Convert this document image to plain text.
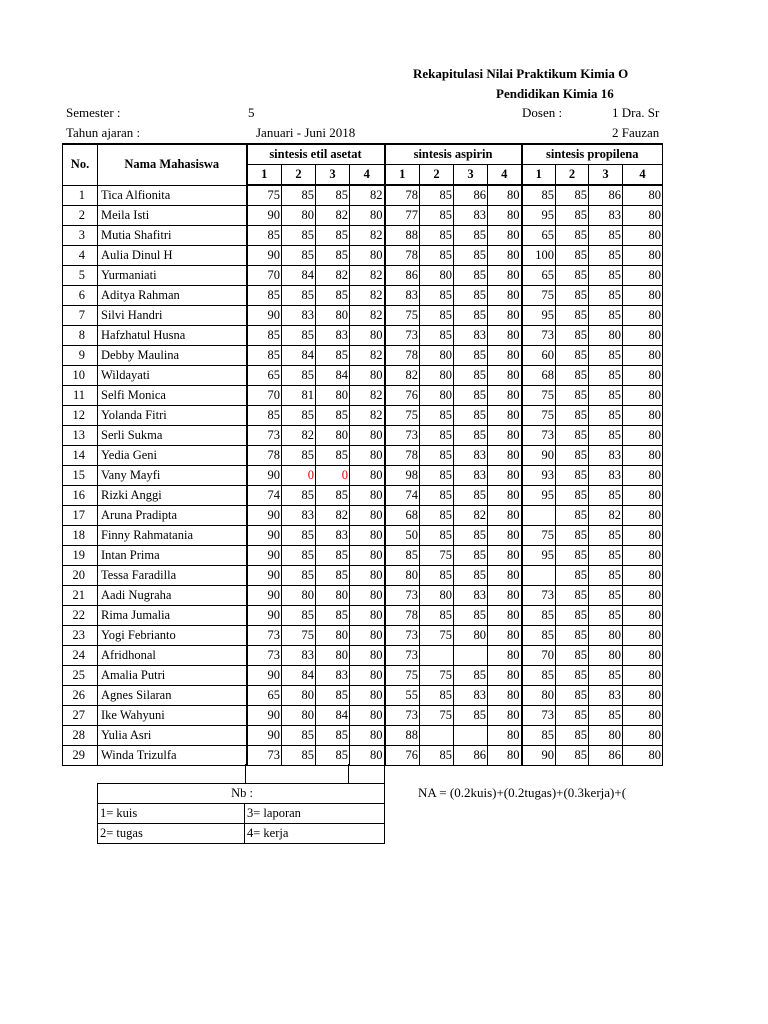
Rekapitulasi Nilai Praktikum Kimia O
Pendidikan Kimia 16
Semester :	5	Dosen :	1 Dra. Sr
Tahun ajaran :	Januari - Juni 2018	2 Fauzan
No.	Nama Mahasiswa	sintesis etil asetat				sintesis aspirin				sintesis propilena			
		1	2	3	4	1	2	3	4	1	2	3	4
1	Tica Alfionita	75	85	85	82	78	85	86	80	85	85	86	80
2	Meila Isti	90	80	82	80	77	85	83	80	95	85	83	80
3	Mutia Shafitri	85	85	85	82	88	85	85	80	65	85	85	80
4	Aulia Dinul H	90	85	85	80	78	85	85	80	100	85	85	80
5	Yurmaniati	70	84	82	82	86	80	85	80	65	85	85	80
6	Aditya Rahman	85	85	85	82	83	85	85	80	75	85	85	80
7	Silvi Handri	90	83	80	82	75	85	85	80	95	85	85	80
8	Hafzhatul Husna	85	85	83	80	73	85	83	80	73	85	80	80
9	Debby Maulina	85	84	85	82	78	80	85	80	60	85	85	80
10	Wildayati	65	85	84	80	82	80	85	80	68	85	85	80
11	Selfi Monica	70	81	80	82	76	80	85	80	75	85	85	80
12	Yolanda Fitri	85	85	85	82	75	85	85	80	75	85	85	80
13	Serli Sukma	73	82	80	80	73	85	85	80	73	85	85	80
14	Yedia Geni	78	85	85	80	78	85	83	80	90	85	83	80
15	Vany Mayfi	90	0	0	80	98	85	83	80	93	85	83	80
16	Rizki Anggi	74	85	85	80	74	85	85	80	95	85	85	80
17	Aruna Pradipta	90	83	82	80	68	85	82	80		85	82	80
18	Finny Rahmatania	90	85	83	80	50	85	85	80	75	85	85	80
19	Intan Prima	90	85	85	80	85	75	85	80	95	85	85	80
20	Tessa Faradilla	90	85	85	80	80	85	85	80		85	85	80
21	Aadi Nugraha	90	80	80	80	73	80	83	80	73	85	85	80
22	Rima Jumalia	90	85	85	80	78	85	85	80	85	85	85	80
23	Yogi Febrianto	73	75	80	80	73	75	80	80	85	85	80	80
24	Afridhonal	73	83	80	80	73			80	70	85	80	80
25	Amalia Putri	90	84	83	80	75	75	85	80	85	85	85	80
26	Agnes Silaran	65	80	85	80	55	85	83	80	80	85	83	80
27	Ike Wahyuni	90	80	84	80	73	75	85	80	73	85	85	80
28	Yulia Asri	90	85	85	80	88			80	85	85	80	80
29	Winda Trizulfa	73	85	85	80	76	85	86	80	90	85	86	80
Nb :	
1= kuis	3= laporan
2= tugas	4= kerja
NA = (0.2kuis)+(0.2tugas)+(0.3kerja)+(
